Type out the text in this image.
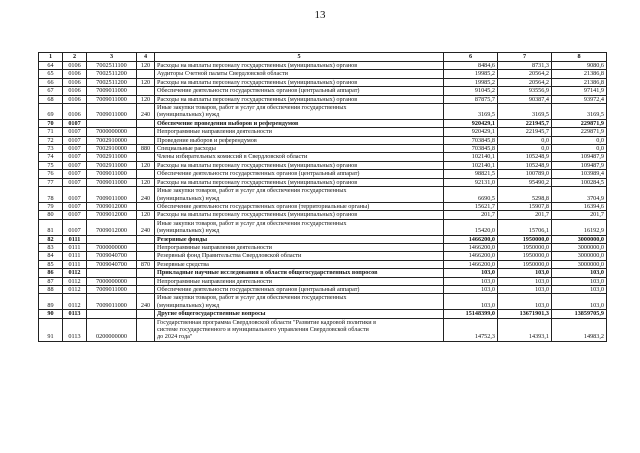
13
1	2	3	4	5	6	7	8
64	0106	7002511100	120	Расходы на выплаты персоналу государственных (муниципальных) органов	8484,6	8731,3	9080,6
65	0106	7002511200		Аудиторы Счетной палаты Свердловской области	19985,2	20564,2	21386,8
66	0106	7002511200	120	Расходы на выплаты персоналу государственных (муниципальных) органов	19985,2	20564,2	21386,8
67	0106	7009011000		Обеспечение деятельности государственных органов (центральный аппарат)	91045,2	93556,9	97141,9
68	0106	7009011000	120	Расходы на выплаты персоналу государственных (муниципальных) органов	87875,7	90387,4	93972,4
69	0106	7009011000	240	Иные закупки товаров, работ и услуг для обеспечения государственных
(муниципальных) нужд	3169,5	3169,5	3169,5
70	0107			Обеспечение проведения выборов и референдумов	920429,1	221945,7	229871,9
71	0107	7000000000		Непрограммные направления деятельности	920429,1	221945,7	229871,9
72	0107	7002910000		Проведение выборов и референдумов	703845,8	0,0	0,0
73	0107	7002910000	880	Специальные расходы	703845,8	0,0	0,0
74	0107	7002911000		Члены избирательных комиссий в Свердловской области	102140,1	105248,9	109487,9
75	0107	7002911000	120	Расходы на выплаты персоналу государственных (муниципальных) органов	102140,1	105248,9	109487,9
76	0107	7009011000		Обеспечение деятельности государственных органов (центральный аппарат)	98821,5	100789,0	103989,4
77	0107	7009011000	120	Расходы на выплаты персоналу государственных (муниципальных) органов	92131,0	95490,2	100284,5
78	0107	7009011000	240	Иные закупки товаров, работ и услуг для обеспечения государственных
(муниципальных) нужд	6690,5	5298,8	3704,9
79	0107	7009012000		Обеспечение деятельности государственных органов (территориальные органы)	15621,7	15907,8	16394,6
80	0107	7009012000	120	Расходы на выплаты персоналу государственных (муниципальных) органов	201,7	201,7	201,7
81	0107	7009012000	240	Иные закупки товаров, работ и услуг для обеспечения государственных
(муниципальных) нужд	15420,0	15706,1	16192,9
82	0111			Резервные фонды	1466200,0	1950000,0	3000000,0
83	0111	7000000000		Непрограммные направления деятельности	1466200,0	1950000,0	3000000,0
84	0111	7009040700		Резервный фонд Правительства Свердловской области	1466200,0	1950000,0	3000000,0
85	0111	7009040700	870	Резервные средства	1466200,0	1950000,0	3000000,0
86	0112			Прикладные научные исследования в области общегосударственных вопросов	103,0	103,0	103,0
87	0112	7000000000		Непрограммные направления деятельности	103,0	103,0	103,0
88	0112	7009011000		Обеспечение деятельности государственных органов (центральный аппарат)	103,0	103,0	103,0
89	0112	7009011000	240	Иные закупки товаров, работ и услуг для обеспечения государственных
(муниципальных) нужд	103,0	103,0	103,0
90	0113			Другие общегосударственные вопросы	15148399,0	13671901,3	13859705,9
91	0113	0200000000		Государственная программа Свердловской области "Развитие кадровой политики в
системе государственного и муниципального управления Свердловской области
до 2024 года"	14752,3	14393,1	14983,2
